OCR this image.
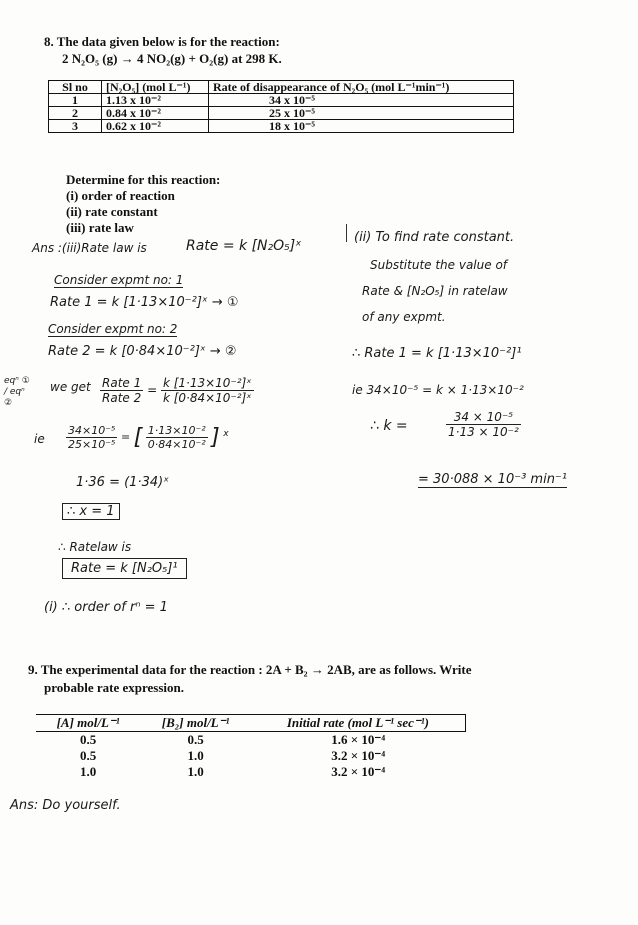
8. The data given below is for the reaction:
2 N₂O₅ (g) → 4 NO₂(g) + O₂(g) at 298 K.
Sl no	[N₂O₅] (mol L⁻¹)	Rate of disappearance of N₂O₅ (mol L⁻¹min⁻¹)
1	1.13 x 10⁻²	34 x 10⁻⁵
2	0.84 x 10⁻²	25 x 10⁻⁵
3	0.62 x 10⁻²	18 x 10⁻⁵
Determine for this reaction:
(i) order of reaction
(ii) rate constant
(iii) rate law
Ans :(iii)Rate law is	Rate = k [N₂O₅]ˣ
Consider expmt no: 1
Rate 1 = k [1·13×10⁻²]ˣ → ①
Consider expmt no: 2
Rate 2 = k [0·84×10⁻²]ˣ → ②
eqⁿ ① / eqⁿ ②
we get $\frac{\text{Rate 1}}{\text{Rate 2}} = \frac{\text{k [1·13×10⁻²]ˣ}}{\text{k [0·84×10⁻²]ˣ}}$
ie $\frac{\text{34×10⁻⁵}}{\text{25×10⁻⁵}}$ = [ $\frac{\text{1·13×10⁻²}}{\text{0·84×10⁻²}}$ ] $^x$
1·36 = (1·34)ˣ
∴ x = 1
∴ Ratelaw is
Rate = k [N₂O₅]¹
(i) ∴ order of rⁿ = 1
(ii) To find rate constant.
Substitute the value of
Rate & [N₂O₅] in ratelaw
of any expmt.
∴ Rate 1 = k [1·13×10⁻²]¹
ie 34×10⁻⁵ = k × 1·13×10⁻²
∴ k =	$\frac{\text{34 × 10⁻⁵}}{\text{1·13 × 10⁻²}}$
= 30·088 × 10⁻³ min⁻¹
9. The experimental data for the reaction : 2A + B₂ → 2AB, are as follows. Write
probable rate expression.
[A] mol/L⁻¹	[B₂] mol/L⁻¹	Initial rate (mol L⁻¹ sec⁻¹)
0.5	0.5	1.6 × 10⁻⁴
0.5	1.0	3.2 × 10⁻⁴
1.0	1.0	3.2 × 10⁻⁴
Ans: Do yourself.
